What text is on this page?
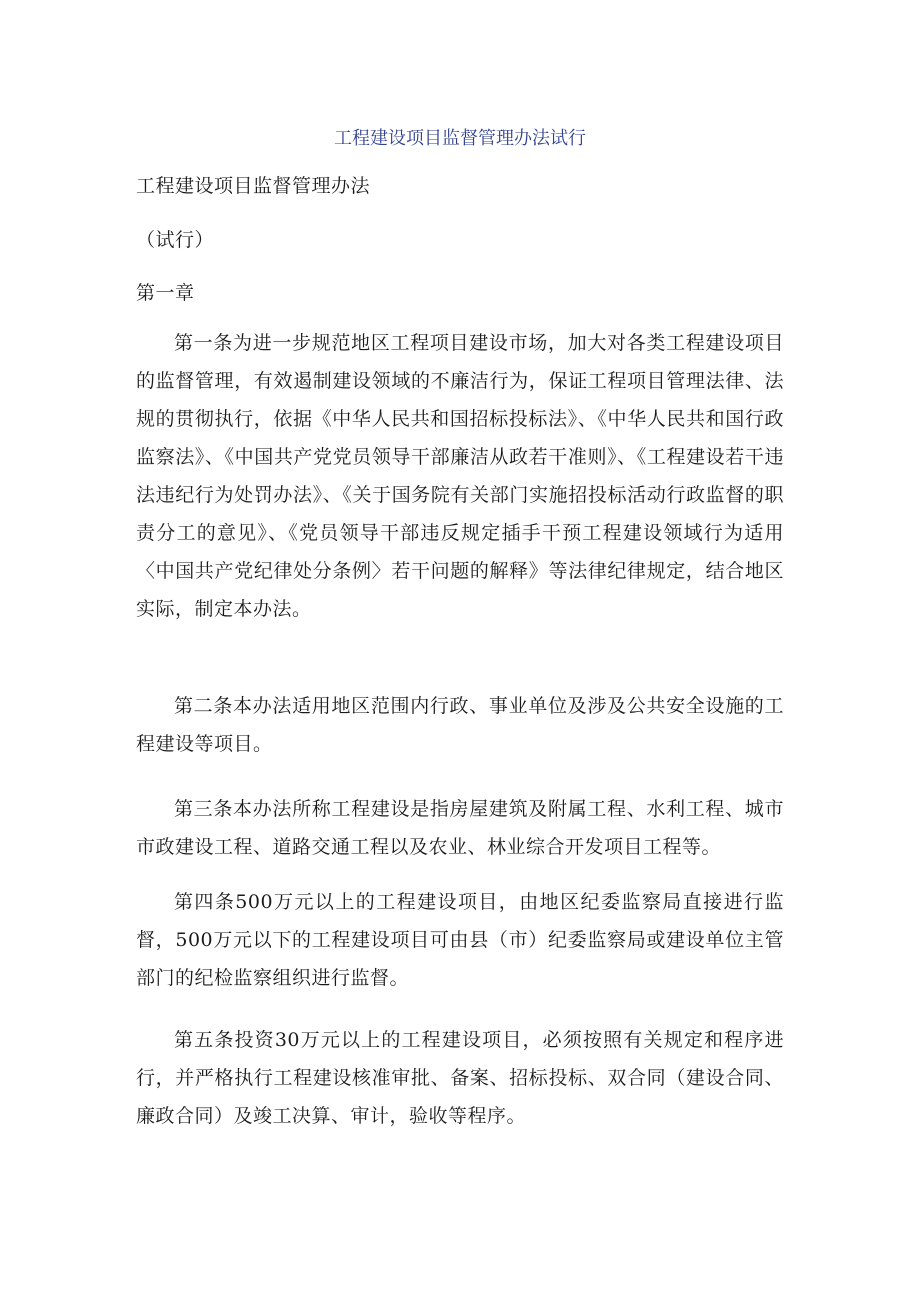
工程建设项目监督管理办法试行
工程建设项目监督管理办法
（试行）
第一章
第一条为进一步规范地区工程项目建设市场，加大对各类工程建设项目的监督管理，有效遏制建设领域的不廉洁行为，保证工程项目管理法律、法规的贯彻执行，依据《中华人民共和国招标投标法》、《中华人民共和国行政监察法》、《中国共产党党员领导干部廉洁从政若干准则》、《工程建设若干违法违纪行为处罚办法》、《关于国务院有关部门实施招投标活动行政监督的职责分工的意见》、《党员领导干部违反规定插手干预工程建设领域行为适用〈中国共产党纪律处分条例〉若干问题的解释》等法律纪律规定，结合地区实际，制定本办法。
第二条本办法适用地区范围内行政、事业单位及涉及公共安全设施的工程建设等项目。
第三条本办法所称工程建设是指房屋建筑及附属工程、水利工程、城市市政建设工程、道路交通工程以及农业、林业综合开发项目工程等。
第四条500万元以上的工程建设项目，由地区纪委监察局直接进行监督，500万元以下的工程建设项目可由县（市）纪委监察局或建设单位主管部门的纪检监察组织进行监督。
第五条投资30万元以上的工程建设项目，必须按照有关规定和程序进行，并严格执行工程建设核准审批、备案、招标投标、双合同（建设合同、廉政合同）及竣工决算、审计，验收等程序。
